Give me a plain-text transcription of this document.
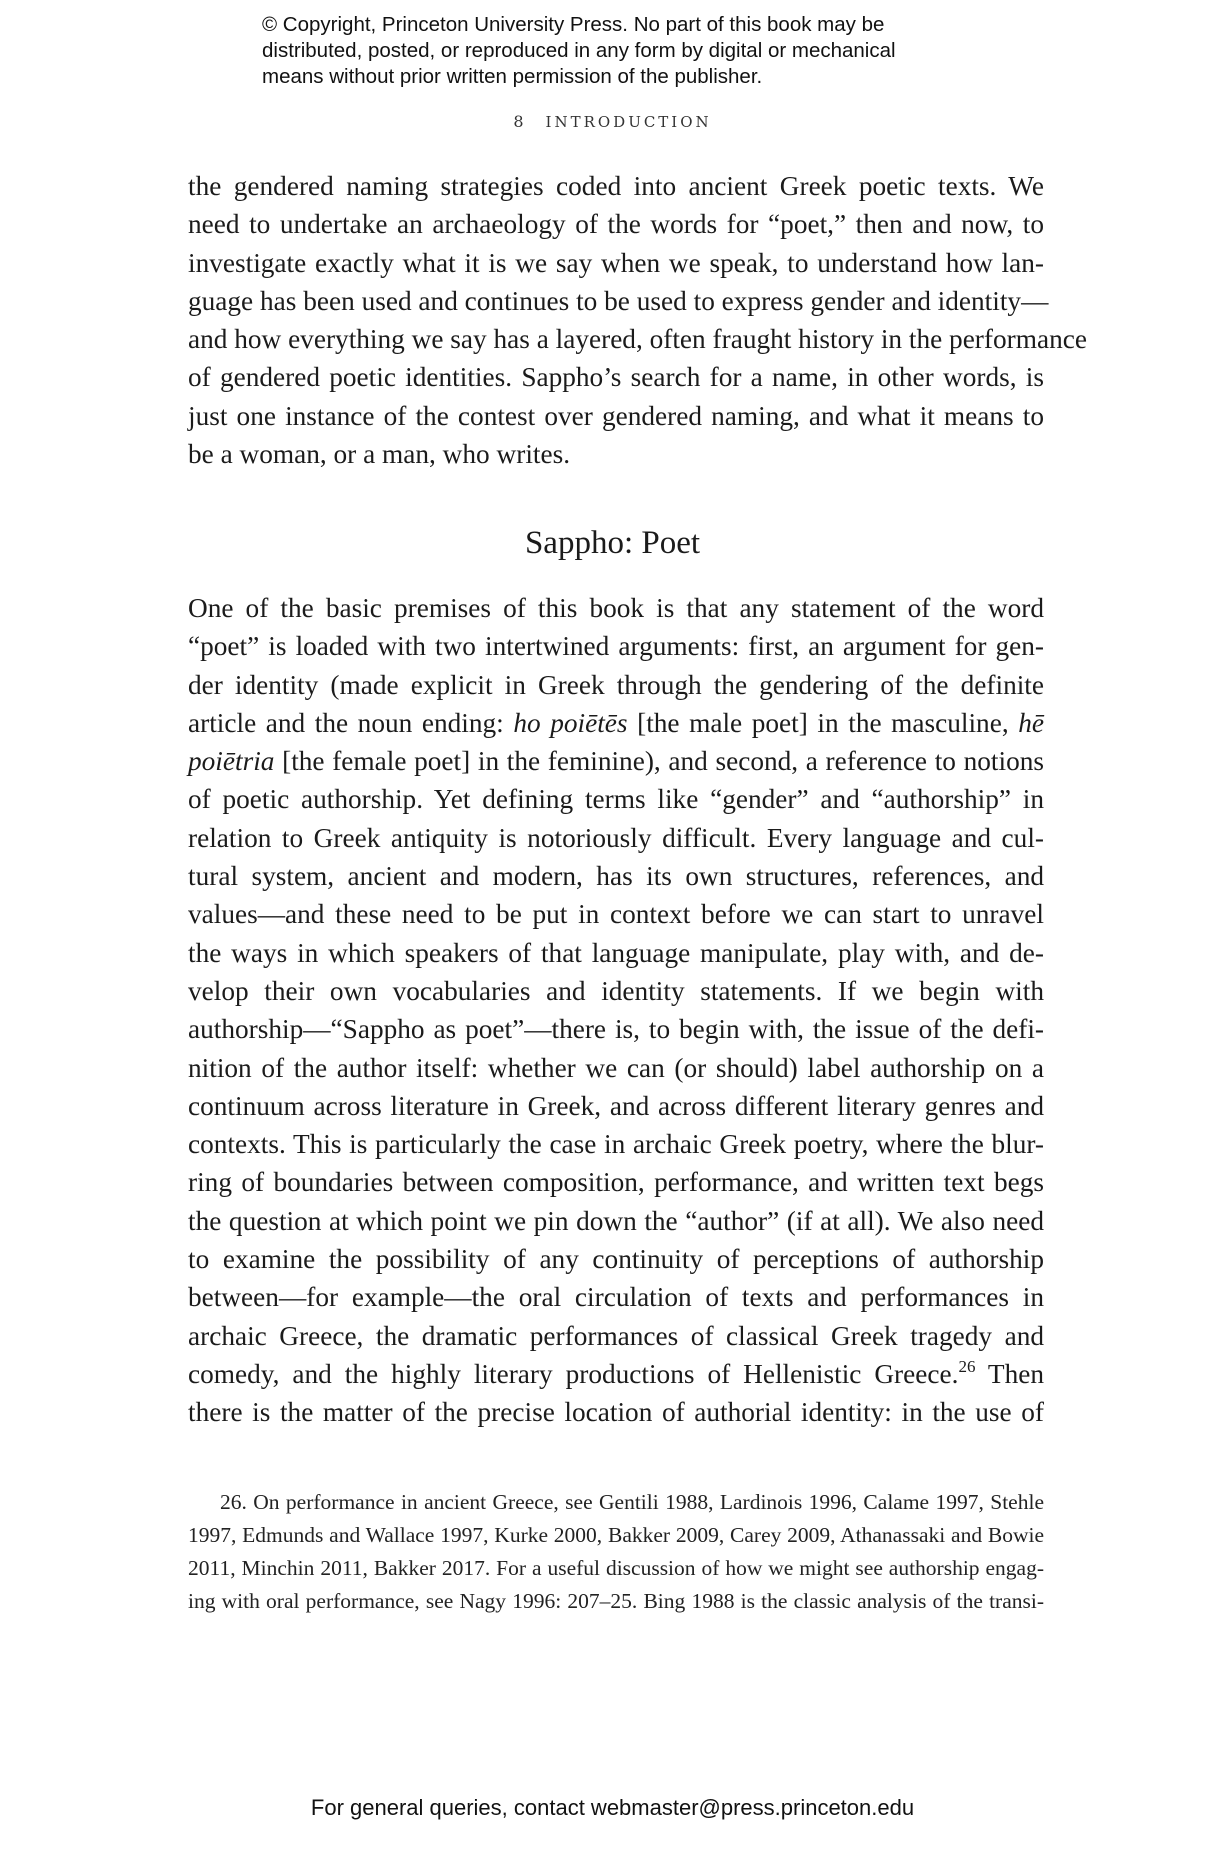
© Copyright, Princeton University Press. No part of this book may be
distributed, posted, or reproduced in any form by digital or mechanical
means without prior written permission of the publisher.
8 INTRODUCTION
the gendered naming strategies coded into ancient Greek poetic texts. We
need to undertake an archaeology of the words for “poet,” then and now, to
investigate exactly what it is we say when we speak, to understand how lan-
guage has been used and continues to be used to express gender and identity—
and how everything we say has a layered, often fraught history in the performance
of gendered poetic identities. Sappho’s search for a name, in other words, is
just one instance of the contest over gendered naming, and what it means to
be a woman, or a man, who writes.
Sappho: Poet
One of the basic premises of this book is that any statement of the word
“poet” is loaded with two intertwined arguments: first, an argument for gen-
der identity (made explicit in Greek through the gendering of the definite
article and the noun ending: ho poiētēs [the male poet] in the masculine, hē
poiētria [the female poet] in the feminine), and second, a reference to notions
of poetic authorship. Yet defining terms like “gender” and “authorship” in
relation to Greek antiquity is notoriously difficult. Every language and cul-
tural system, ancient and modern, has its own structures, references, and
values—and these need to be put in context before we can start to unravel
the ways in which speakers of that language manipulate, play with, and de-
velop their own vocabularies and identity statements. If we begin with
authorship—“Sappho as poet”—there is, to begin with, the issue of the defi-
nition of the author itself: whether we can (or should) label authorship on a
continuum across literature in Greek, and across different literary genres and
contexts. This is particularly the case in archaic Greek poetry, where the blur-
ring of boundaries between composition, performance, and written text begs
the question at which point we pin down the “author” (if at all). We also need
to examine the possibility of any continuity of perceptions of authorship
between—for example—the oral circulation of texts and performances in
archaic Greece, the dramatic performances of classical Greek tragedy and
comedy, and the highly literary productions of Hellenistic Greece.$^{26}$ Then
there is the matter of the precise location of authorial identity: in the use of
26. On performance in ancient Greece, see Gentili 1988, Lardinois 1996, Calame 1997, Stehle
1997, Edmunds and Wallace 1997, Kurke 2000, Bakker 2009, Carey 2009, Athanassaki and Bowie
2011, Minchin 2011, Bakker 2017. For a useful discussion of how we might see authorship engag-
ing with oral performance, see Nagy 1996: 207–25. Bing 1988 is the classic analysis of the transi-
For general queries, contact webmaster@press.princeton.edu
